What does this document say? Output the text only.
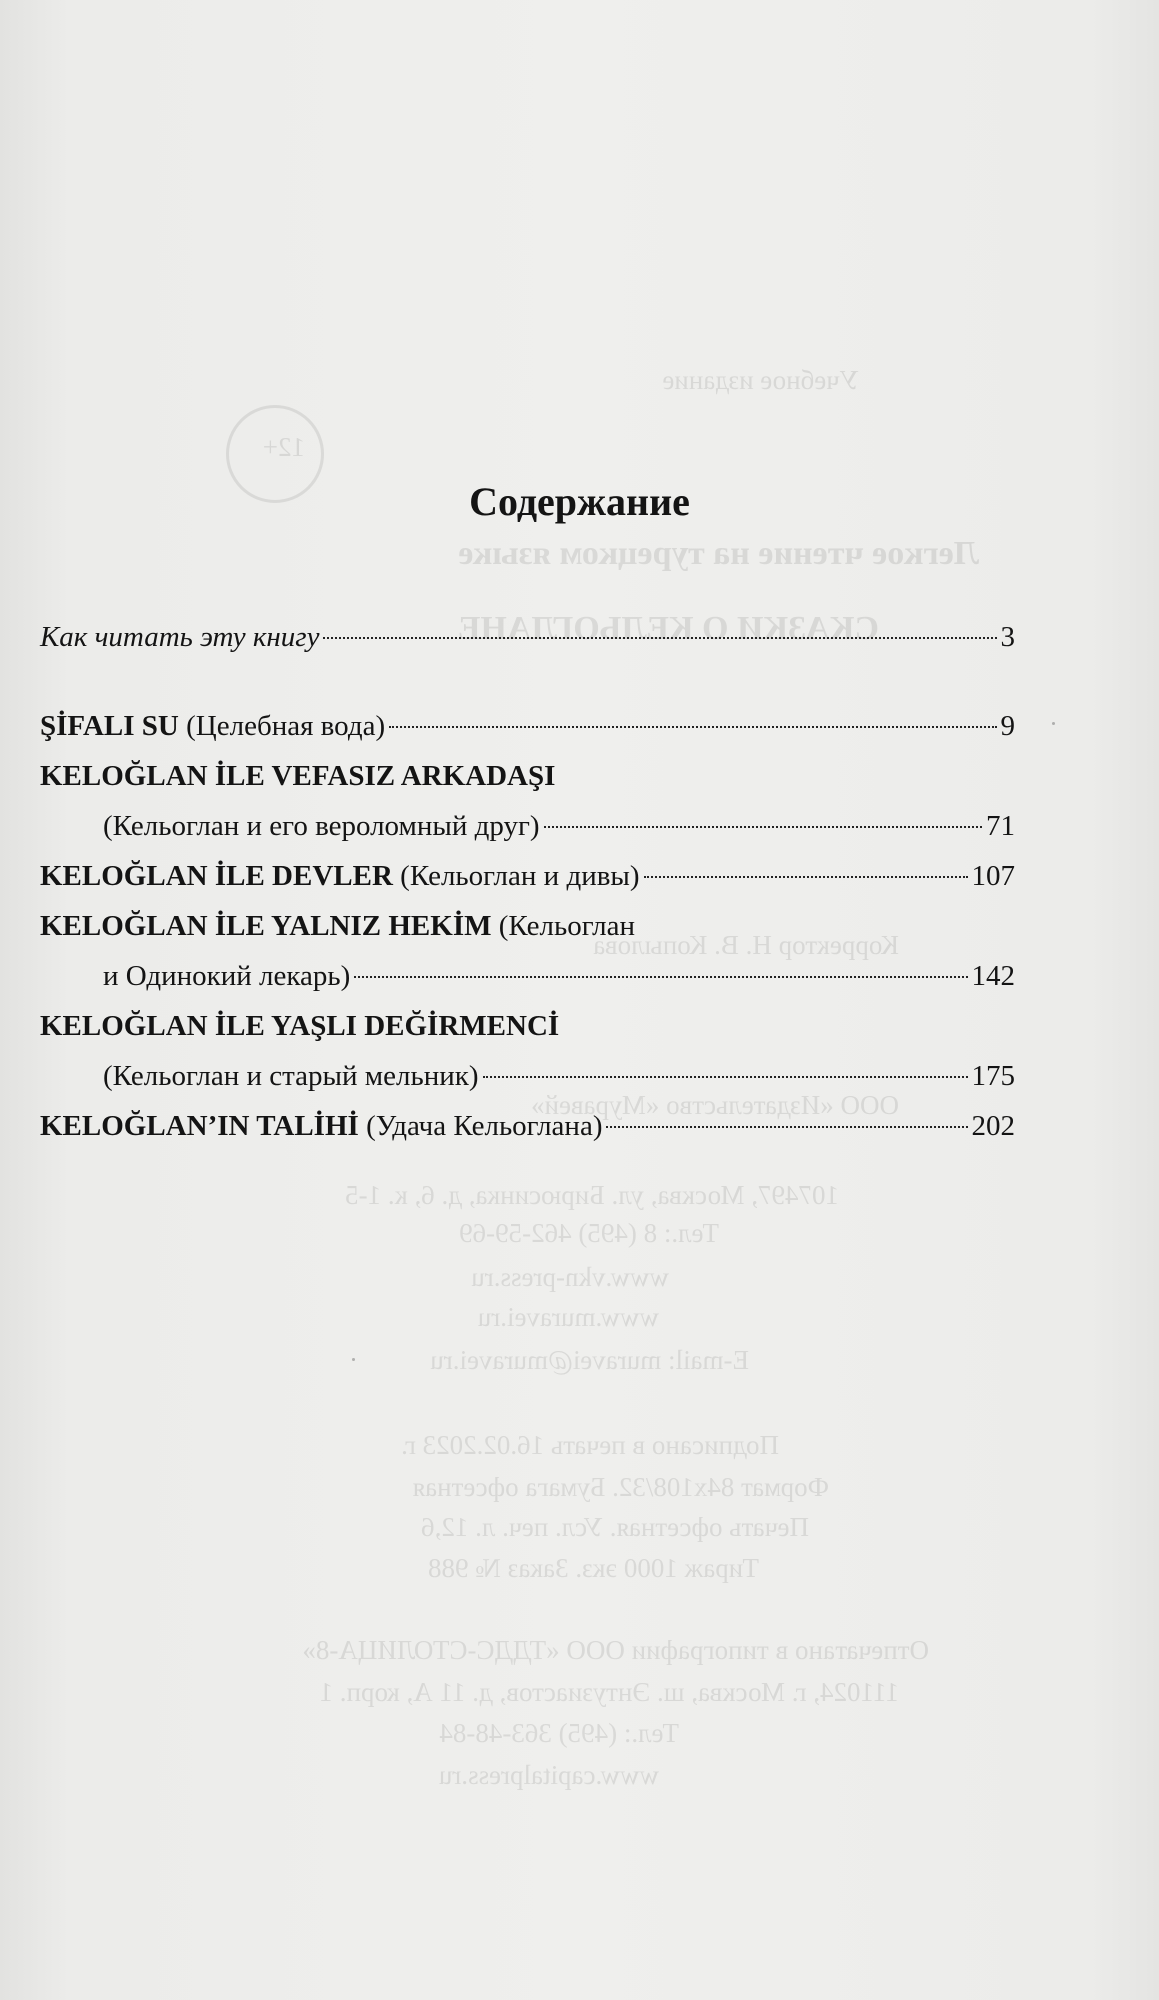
Учебное издание
12+
Легкое чтение на турецком языке
СКАЗКИ О КЕЛЬОГЛАНЕ
Корректор Н. В. Копылова
ООО «Издательство «Муравей»
107497, Москва, ул. Бирюсинка, д. 6, к. 1-5
Тел.: 8 (495) 462-59-69
www.vkn-press.ru
www.muravei.ru
E-mail: muravei@muravei.ru
Подписано в печать 16.02.2023 г.
Формат 84х108/32. Бумага офсетная
Печать офсетная. Усл. печ. л. 12,6
Тираж 1000 экз. Заказ № 988
Отпечатано в типографии ООО «ТДДС-СТОЛИЦА-8»
111024, г. Москва, ш. Энтузиастов, д. 11 А, корп. 1
Тел.: (495) 363-48-84
www.capitalpress.ru
Содержание
Как читать эту книгу	3
ŞİFALI SU (Целебная вода)	9
KELOĞLAN İLE VEFASIZ ARKADAŞI
(Кельоглан и его вероломный друг)	71
KELOĞLAN İLE DEVLER (Кельоглан и дивы)	107
KELOĞLAN İLE YALNIZ HEKİM (Кельоглан
и Одинокий лекарь)	142
KELOĞLAN İLE YAŞLI DEĞİRMENCİ
(Кельоглан и старый мельник)	175
KELOĞLAN’IN TALİHİ (Удача Кельоглана)	202
